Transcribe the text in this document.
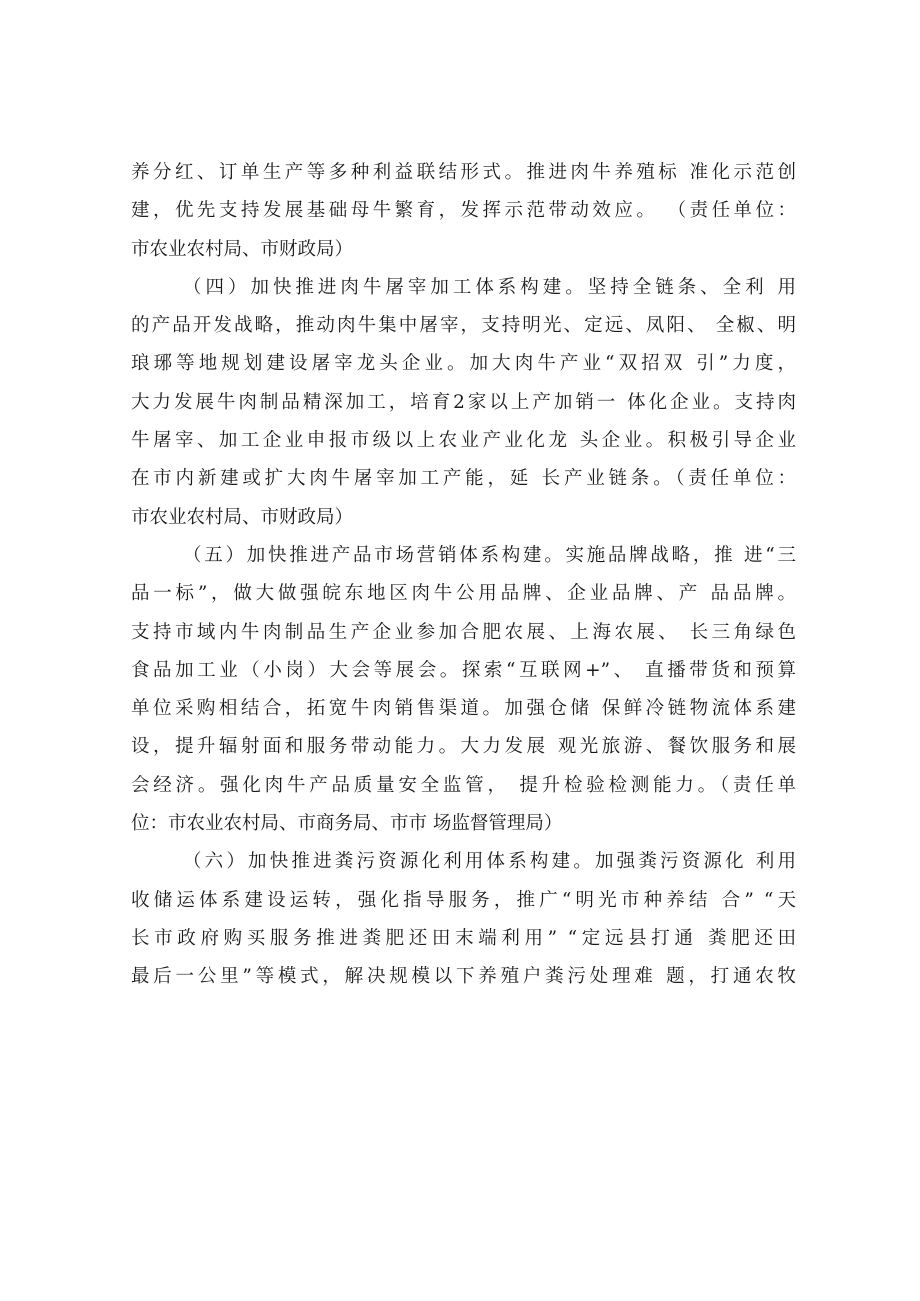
养分红、订单生产等多种利益联结形式。推进肉牛养殖标 准化示范创
建，优先支持发展基础母牛繁育，发挥示范带动效应。 （责任单位：
市农业农村局、市财政局）
（四）加快推进肉牛屠宰加工体系构建。坚持全链条、全利 用
的产品开发战略，推动肉牛集中屠宰，支持明光、定远、凤阳、 全椒、明
琅琊等地规划建设屠宰龙头企业。加大肉牛产业“双招双 引”力度，
大力发展牛肉制品精深加工，培育2家以上产加销一 体化企业。支持肉
牛屠宰、加工企业申报市级以上农业产业化龙 头企业。积极引导企业
在市内新建或扩大肉牛屠宰加工产能，延 长产业链条。（责任单位：
市农业农村局、市财政局）
（五）加快推进产品市场营销体系构建。实施品牌战略，推 进“三
品一标”，做大做强皖东地区肉牛公用品牌、企业品牌、产 品品牌。
支持市域内牛肉制品生产企业参加合肥农展、上海农展、 长三角绿色
食品加工业（小岗）大会等展会。探索“互联网+”、 直播带货和预算
单位采购相结合，拓宽牛肉销售渠道。加强仓储 保鲜冷链物流体系建
设，提升辐射面和服务带动能力。大力发展 观光旅游、餐饮服务和展
会经济。强化肉牛产品质量安全监管， 提升检验检测能力。（责任单
位：市农业农村局、市商务局、市市 场监督管理局）
（六）加快推进粪污资源化利用体系构建。加强粪污资源化 利用
收储运体系建设运转，强化指导服务，推广“明光市种养结 合” “天
长市政府购买服务推进粪肥还田末端利用” “定远县打通 粪肥还田
最后一公里”等模式，解决规模以下养殖户粪污处理难 题，打通农牧
